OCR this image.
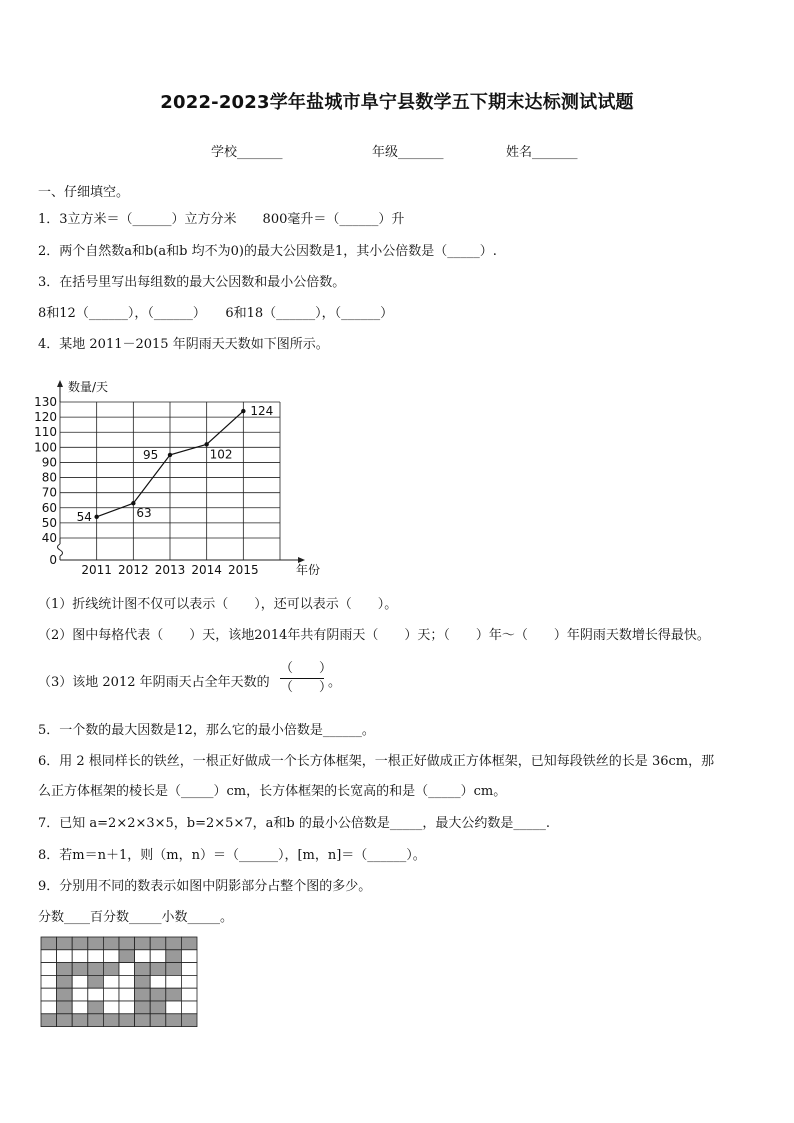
2022-2023学年盐城市阜宁县数学五下期末达标测试试题
学校_______	年级_______	姓名_______
一、仔细填空。
1．3立方米＝（______）立方分米　　800毫升＝（______）升
2．两个自然数a和b(a和b 均不为0)的最大公因数是1，其小公倍数是（_____）.
3．在括号里写出每组数的最大公因数和最小公倍数。
8和12（______），（______）　　6和18（______），（______）
4．某地 2011－2015 年阴雨天天数如下图所示。
数量/天
年份
40
50
60
70
80
90
100
110
120
130
0
2011 2012 2013 2014 2015
54	63
95	102
124
（1）折线统计图不仅可以表示（　　），还可以表示（　　）。
（2）图中每格代表（　　）天，该地2014年共有阴雨天（　　）天；（　　）年～（　　）年阴雨天数增长得最快。
（3）该地 2012 年阴雨天占全年天数的
（　　）
（　　）
。
5．一个数的最大因数是12，那么它的最小倍数是______。
6．用 2 根同样长的铁丝，一根正好做成一个长方体框架，一根正好做成正方体框架，已知每段铁丝的长是 36cm，那
么正方体框架的棱长是（_____）cm，长方体框架的长宽高的和是（_____）cm。
7．已知 a=2×2×3×5，b=2×5×7，a和b 的最小公倍数是_____，最大公约数是_____.
8．若m＝n＋1，则（m，n）＝（______），[m，n]＝（______）。
9．分别用不同的数表示如图中阴影部分占整个图的多少。
分数____百分数_____小数_____。
